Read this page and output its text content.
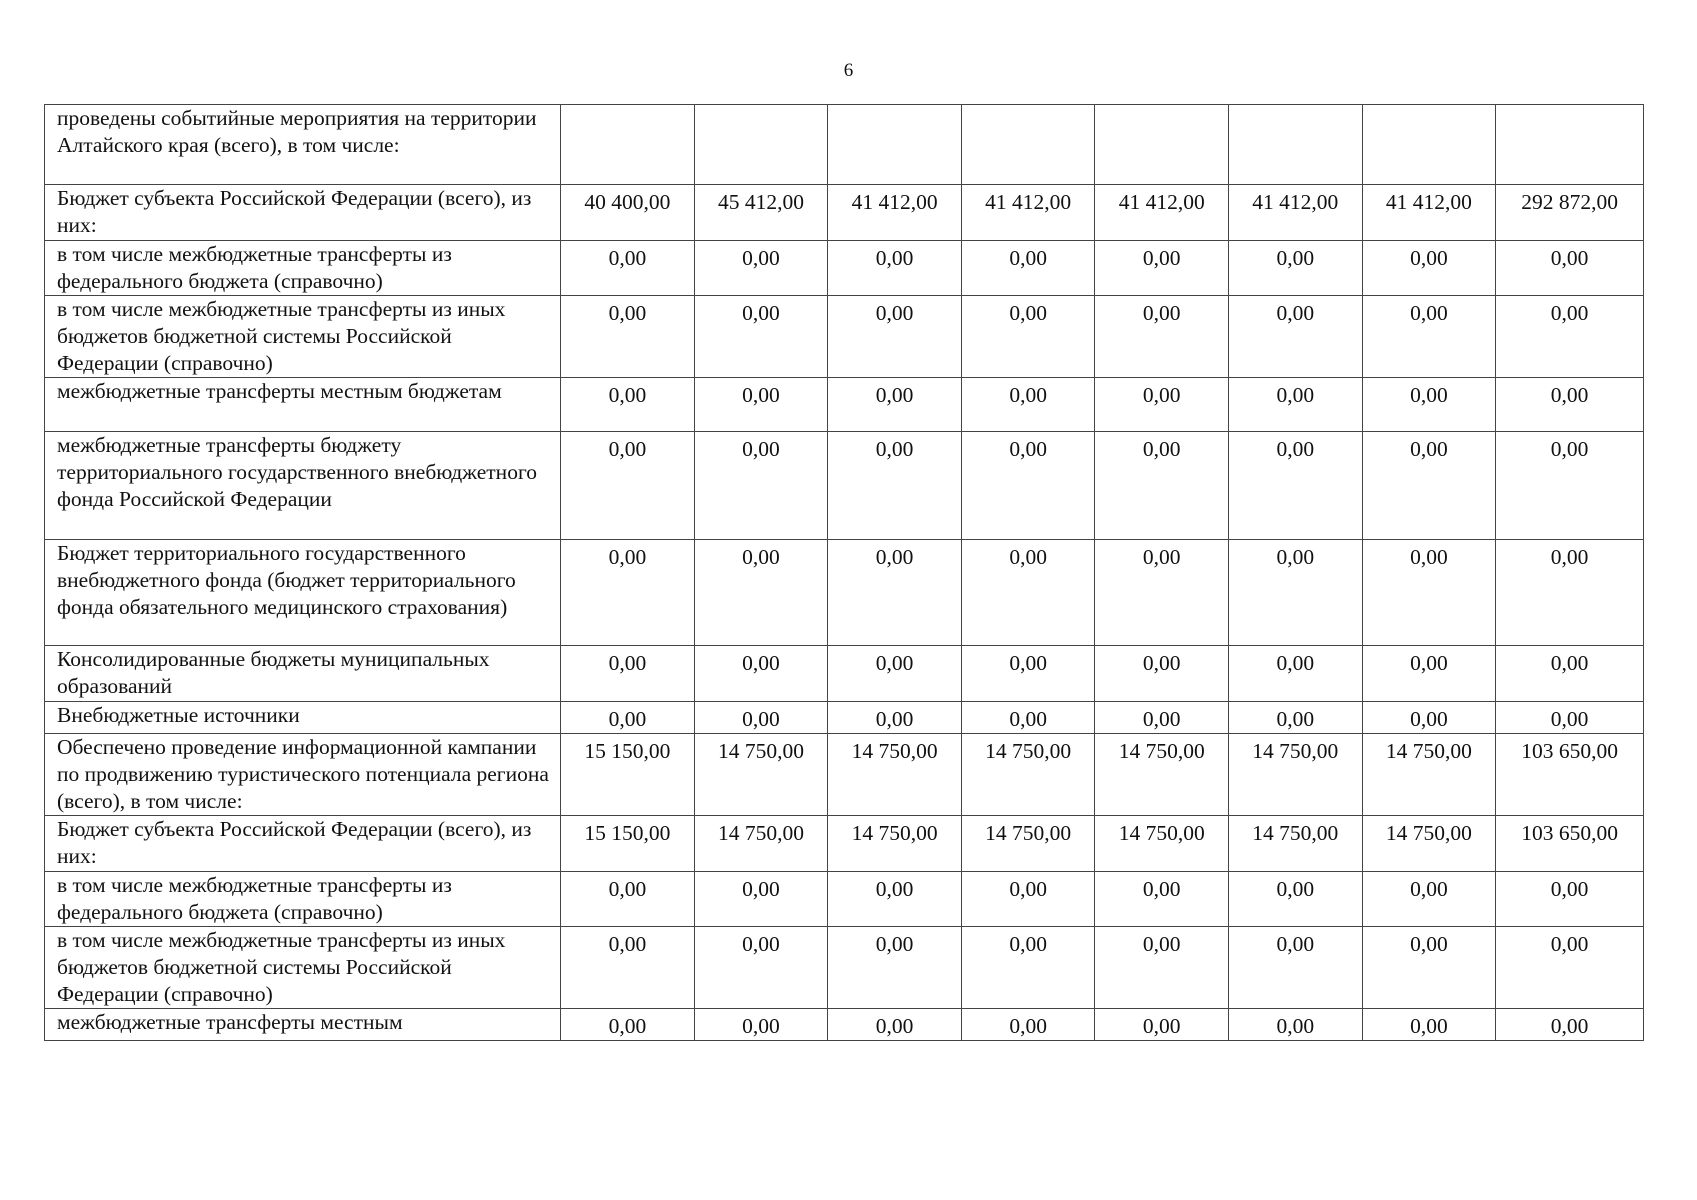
6
проведены событийные мероприятия на территории Алтайского края (всего), в том числе:								
Бюджет субъекта Российской Федерации (всего), из них:	40 400,00	45 412,00	41 412,00	41 412,00	41 412,00	41 412,00	41 412,00	292 872,00
в том числе межбюджетные трансферты из федерального бюджета (справочно)	0,00	0,00	0,00	0,00	0,00	0,00	0,00	0,00
в том числе межбюджетные трансферты из иных бюджетов бюджетной системы Российской Федерации (справочно)	0,00	0,00	0,00	0,00	0,00	0,00	0,00	0,00
межбюджетные трансферты местным бюджетам	0,00	0,00	0,00	0,00	0,00	0,00	0,00	0,00
межбюджетные трансферты бюджету территориального государственного внебюджетного фонда Российской Федерации	0,00	0,00	0,00	0,00	0,00	0,00	0,00	0,00
Бюджет территориального государственного внебюджетного фонда (бюджет территориального фонда обязательного медицинского страхования)	0,00	0,00	0,00	0,00	0,00	0,00	0,00	0,00
Консолидированные бюджеты муниципальных образований	0,00	0,00	0,00	0,00	0,00	0,00	0,00	0,00
Внебюджетные источники	0,00	0,00	0,00	0,00	0,00	0,00	0,00	0,00
Обеспечено проведение информационной кампании по продвижению туристического потенциала региона (всего), в том числе:	15 150,00	14 750,00	14 750,00	14 750,00	14 750,00	14 750,00	14 750,00	103 650,00
Бюджет субъекта Российской Федерации (всего), из них:	15 150,00	14 750,00	14 750,00	14 750,00	14 750,00	14 750,00	14 750,00	103 650,00
в том числе межбюджетные трансферты из федерального бюджета (справочно)	0,00	0,00	0,00	0,00	0,00	0,00	0,00	0,00
в том числе межбюджетные трансферты из иных бюджетов бюджетной системы Российской Федерации (справочно)	0,00	0,00	0,00	0,00	0,00	0,00	0,00	0,00
межбюджетные трансферты местным	0,00	0,00	0,00	0,00	0,00	0,00	0,00	0,00
